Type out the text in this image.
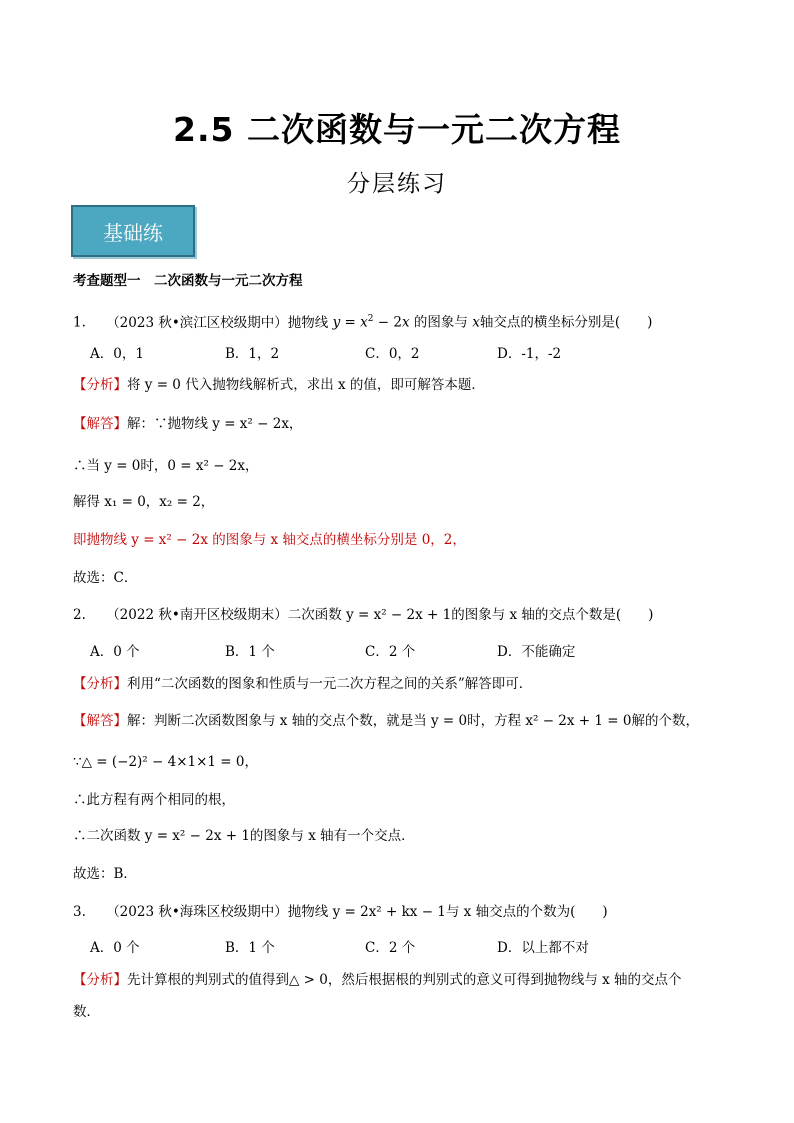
2.5 二次函数与一元二次方程
分层练习
基础练
考查题型一　二次函数与一元二次方程
1. （2023 秋•滨江区校级期中）抛物线 $y = x^2 - 2x$ 的图象与 x轴交点的横坐标分别是(　　)
A．0，1	B．1，2	C．0，2	D．-1，-2
【分析】将 y = 0 代入抛物线解析式，求出 x 的值，即可解答本题．
【解答】解：∵抛物线 y = x² − 2x，
∴当 y = 0时，0 = x² − 2x，
解得 x₁ = 0，x₂ = 2，
即抛物线 y = x² − 2x 的图象与 x 轴交点的横坐标分别是 0，2，
故选：C．
2. （2022 秋•南开区校级期末）二次函数 y = x² − 2x + 1的图象与 x 轴的交点个数是(　　)
A．0 个	B．1 个	C．2 个	D．不能确定
【分析】利用“二次函数的图象和性质与一元二次方程之间的关系”解答即可．
【解答】解：判断二次函数图象与 x 轴的交点个数，就是当 y = 0时，方程 x² − 2x + 1 = 0解的个数，
∵△ = (−2)² − 4×1×1 = 0，
∴此方程有两个相同的根，
∴二次函数 y = x² − 2x + 1的图象与 x 轴有一个交点．
故选：B．
3. （2023 秋•海珠区校级期中）抛物线 y = 2x² + kx − 1与 x 轴交点的个数为(　　)
A．0 个	B．1 个	C．2 个	D．以上都不对
【分析】先计算根的判别式的值得到△ > 0，然后根据根的判别式的意义可得到抛物线与 x 轴的交点个
数．
